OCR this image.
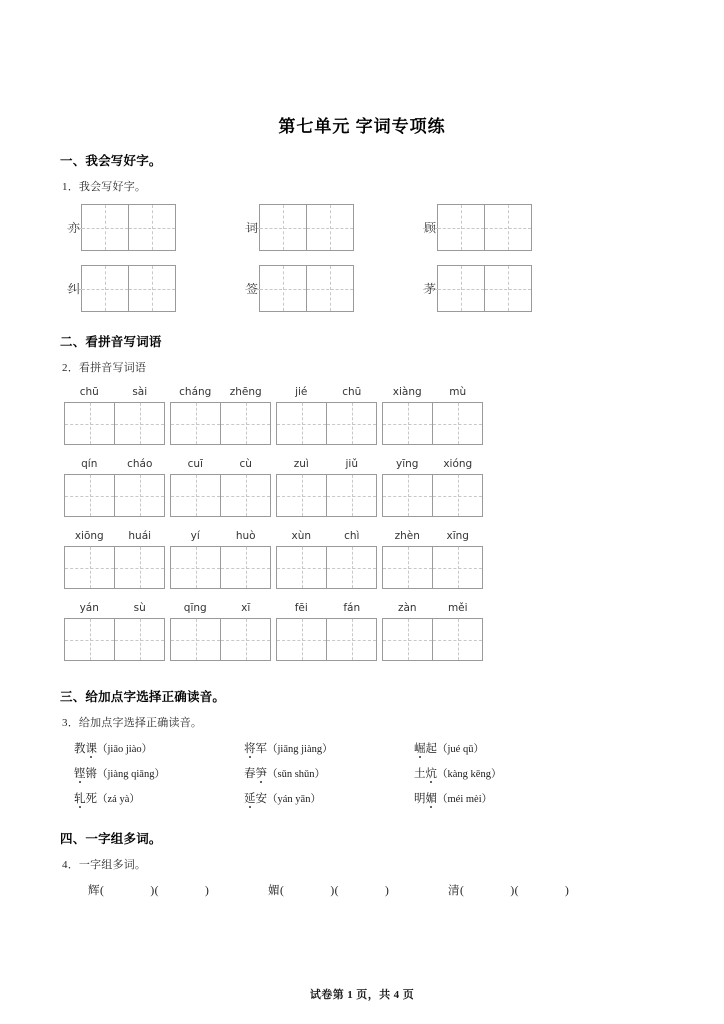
第七单元 字词专项练
一、我会写好字。
1．我会写好字。
亦	词	顾
纠	签	茅
二、看拼音写词语
2．看拼音写词语
chū	sài	cháng	zhēng	jié	chū	xiàng	mù
qín	cháo	cuī	cù	zuì	jiǔ	yīng	xióng
xiōng	huái	yí	huò	xùn	chì	zhèn	xīng
yán	sù	qīng	xī	fēi	fán	zàn	měi
三、给加点字选择正确读音。
3．给加点字选择正确读音。
教课（jiāo jiào）	将军（jiāng jiàng）	崛起（jué qū）
铿锵（jiàng qiāng）	春笋（sǔn shǔn）	土炕（kàng kēng）
轧死（zá yà）	延安（yán yān）	明媚（méi mèi）
四、一字组多词。
4．一字组多词。
辉(	)(	)	媚(	)(	)	清(	)(	)
试卷第 1 页，共 4 页
